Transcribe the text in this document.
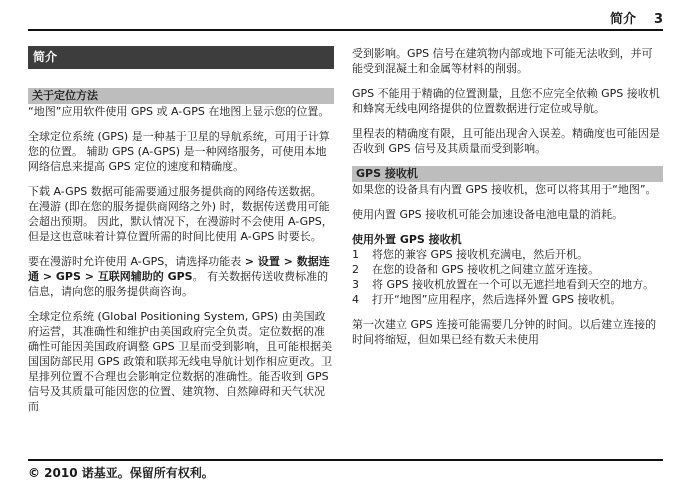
简介 3
简介
关于定位方法

“地图”应用软件使用 GPS 或 A-GPS 在地图上显示您的位置。

全球定位系统 (GPS) 是一种基于卫星的导航系统，可用于计算您的位置。 辅助 GPS (A-GPS) 是一种网络服务，可使用本地网络信息来提高 GPS 定位的速度和精确度。

下载 A-GPS 数据可能需要通过服务提供商的网络传送数据。 在漫游 (即在您的服务提供商网络之外) 时，数据传送费用可能会超出预期。 因此，默认情况下，在漫游时不会使用 A-GPS，但是这也意味着计算位置所需的时间比使用 A-GPS 时要长。

要在漫游时允许使用 A-GPS，请选择功能表 > 设置 > 数据连通 > GPS > 互联网辅助的 GPS。 有关数据传送收费标准的信息，请向您的服务提供商咨询。

全球定位系统 (Global Positioning System, GPS) 由美国政府运营，其准确性和维护由美国政府完全负责。定位数据的准确性可能因美国政府调整 GPS 卫星而受到影响，且可能根据美国国防部民用 GPS 政策和联邦无线电导航计划作相应更改。卫星排列位置不合理也会影响定位数据的准确性。能否收到 GPS 信号及其质量可能因您的位置、建筑物、自然障碍和天气状况而

受到影响。GPS 信号在建筑物内部或地下可能无法收到，并可能受到混凝土和金属等材料的削弱。

GPS 不能用于精确的位置测量，且您不应完全依赖 GPS 接收机和蜂窝无线电网络提供的位置数据进行定位或导航。

里程表的精确度有限，且可能出现舍入误差。精确度也可能因是否收到 GPS 信号及其质量而受到影响。

GPS 接收机

如果您的设备具有内置 GPS 接收机，您可以将其用于“地图”。

使用内置 GPS 接收机可能会加速设备电池电量的消耗。

使用外置 GPS 接收机

1	将您的兼容 GPS 接收机充满电，然后开机。
2	在您的设备和 GPS 接收机之间建立蓝牙连接。
3	将 GPS 接收机放置在一个可以无遮拦地看到天空的地方。
4	打开“地图”应用程序，然后选择外置 GPS 接收机。

第一次建立 GPS 连接可能需要几分钟的时间。以后建立连接的时间将缩短，但如果已经有数天未使用

© 2010 诺基亚。保留所有权利。
